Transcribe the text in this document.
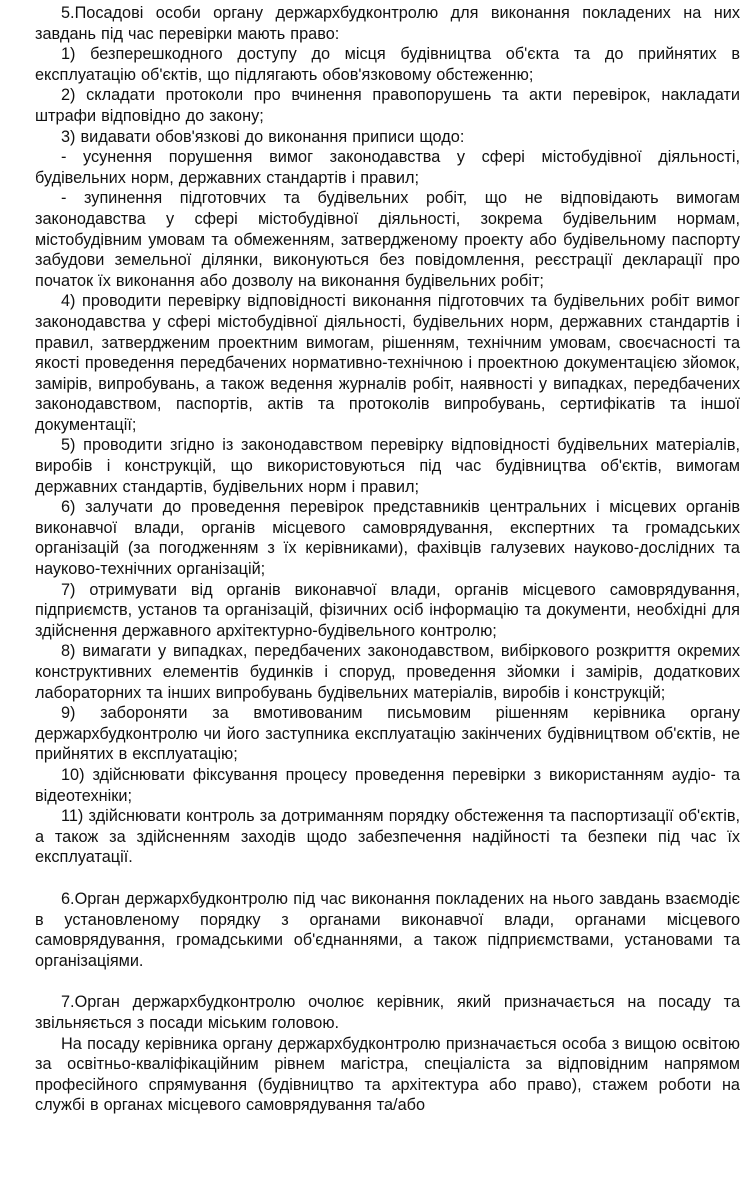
5.Посадові особи органу держархбудконтролю для виконання покладених на них завдань під час перевірки мають право:

1) безперешкодного доступу до місця будівництва об'єкта та до прийнятих в експлуатацію об'єктів, що підлягають обов'язковому обстеженню;

2) складати протоколи про вчинення правопорушень та акти перевірок, накладати штрафи відповідно до закону;

3) видавати обов'язкові до виконання приписи щодо:

- усунення порушення вимог законодавства у сфері містобудівної діяльності, будівельних норм, державних стандартів і правил;

- зупинення підготовчих та будівельних робіт, що не відповідають вимогам законодавства у сфері містобудівної діяльності, зокрема будівельним нормам, містобудівним умовам та обмеженням, затвердженому проекту або будівельному паспорту забудови земельної ділянки, виконуються без повідомлення, реєстрації декларації про початок їх виконання або дозволу на виконання будівельних робіт;

4) проводити перевірку відповідності виконання підготовчих та будівельних робіт вимог законодавства у сфері містобудівної діяльності, будівельних норм, державних стандартів і правил, затвердженим проектним вимогам, рішенням, технічним умовам, своєчасності та якості проведення передбачених нормативно-технічною і проектною документацією зйомок, замірів, випробувань, а також ведення журналів робіт, наявності у випадках, передбачених законодавством, паспортів, актів та протоколів випробувань, сертифікатів та іншої документації;

5) проводити згідно із законодавством перевірку відповідності будівельних матеріалів, виробів і конструкцій, що використовуються під час будівництва об'єктів, вимогам державних стандартів, будівельних норм і правил;

6) залучати до проведення перевірок представників центральних і місцевих органів виконавчої влади, органів місцевого самоврядування, експертних та громадських організацій (за погодженням з їх керівниками), фахівців галузевих науково-дослідних та науково-технічних організацій;

7) отримувати від органів виконавчої влади, органів місцевого самоврядування, підприємств, установ та організацій, фізичних осіб інформацію та документи, необхідні для здійснення державного архітектурно-будівельного контролю;

8) вимагати у випадках, передбачених законодавством, вибіркового розкриття окремих конструктивних елементів будинків і споруд, проведення зйомки і замірів, додаткових лабораторних та інших випробувань будівельних матеріалів, виробів і конструкцій;

9) забороняти за вмотивованим письмовим рішенням керівника органу держархбудконтролю чи його заступника експлуатацію закінчених будівництвом об'єктів, не прийнятих в експлуатацію;

10) здійснювати фіксування процесу проведення перевірки з використанням аудіо- та відеотехніки;

11) здійснювати контроль за дотриманням порядку обстеження та паспортизації об'єктів, а також за здійсненням заходів щодо забезпечення надійності та безпеки під час їх експлуатації.

6.Орган держархбудконтролю під час виконання покладених на нього завдань взаємодіє в установленому порядку з органами виконавчої влади, органами місцевого самоврядування, громадськими об'єднаннями, а також підприємствами, установами та організаціями.

7.Орган держархбудконтролю очолює керівник, який призначається на посаду та звільняється з посади міським головою.

На посаду керівника органу держархбудконтролю призначається особа з вищою освітою за освітньо-кваліфікаційним рівнем магістра, спеціаліста за відповідним напрямом професійного спрямування (будівництво та архітектура або право), стажем роботи на службі в органах місцевого самоврядування та/або
